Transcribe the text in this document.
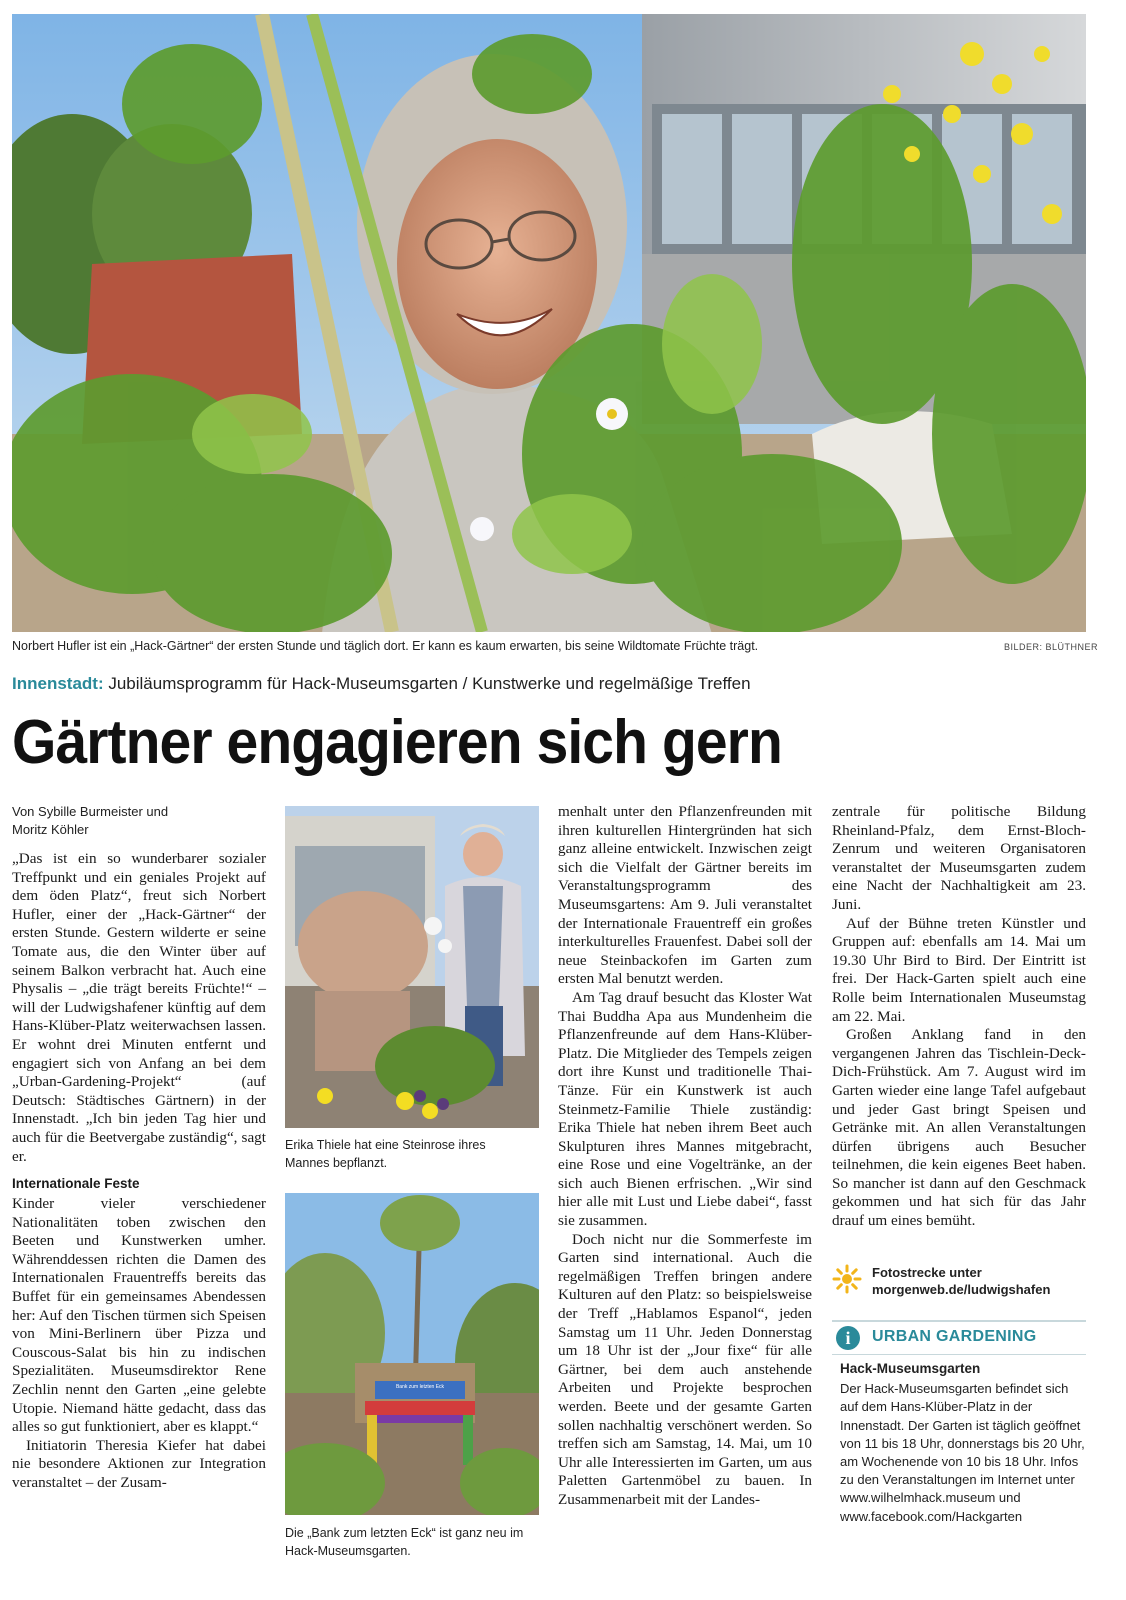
Norbert Hufler ist ein „Hack-Gärtner“ der ersten Stunde und täglich dort. Er kann es kaum erwarten, bis seine Wildtomate Früchte trägt.	BILDER: BLÜTHNER
Innenstadt: Jubiläumsprogramm für Hack-Museumsgarten / Kunstwerke und regelmäßige Treffen
Gärtner engagieren sich gern
Von Sybille Burmeister und
Moritz Köhler

„Das ist ein so wunderbarer sozialer Treffpunkt und ein geniales Projekt auf dem öden Platz“, freut sich Norbert Hufler, einer der „Hack-Gärtner“ der ersten Stunde. Gestern wilderte er seine Tomate aus, die den Winter über auf seinem Balkon verbracht hat. Auch eine Physalis – „die trägt bereits Früchte!“ – will der Ludwigshafener künftig auf dem Hans-Klüber-Platz weiterwachsen lassen. Er wohnt drei Minuten entfernt und engagiert sich von Anfang an bei dem „Urban-Gardening-Projekt“ (auf Deutsch: Städtisches Gärtnern) in der Innenstadt. „Ich bin jeden Tag hier und auch für die Beetvergabe zuständig“, sagt er.

Internationale Feste

Kinder vieler verschiedener Nationalitäten toben zwischen den Beeten und Kunstwerken umher. Währenddessen richten die Damen des Internationalen Frauentreffs bereits das Buffet für ein gemeinsames Abendessen her: Auf den Tischen türmen sich Speisen von Mini-Berlinern über Pizza und Couscous-Salat bis hin zu indischen Spezialitäten. Museumsdirektor Rene Zechlin nennt den Garten „eine gelebte Utopie. Niemand hätte gedacht, dass das alles so gut funktioniert, aber es klappt.“

Initiatorin Theresia Kiefer hat dabei nie besondere Aktionen zur Integration veranstaltet – der Zusam-

Erika Thiele hat eine Steinrose ihres Mannes bepflanzt.
Bank zum letzten Eck
Die „Bank zum letzten Eck“ ist ganz neu im Hack-Museumsgarten.

menhalt unter den Pflanzenfreunden mit ihren kulturellen Hintergründen hat sich ganz alleine entwickelt. Inzwischen zeigt sich die Vielfalt der Gärtner bereits im Veranstaltungsprogramm des Museumsgartens: Am 9. Juli veranstaltet der Internationale Frauentreff ein großes interkulturelles Frauenfest. Dabei soll der neue Steinbackofen im Garten zum ersten Mal benutzt werden.

Am Tag drauf besucht das Kloster Wat Thai Buddha Apa aus Mundenheim die Pflanzenfreunde auf dem Hans-Klüber-Platz. Die Mitglieder des Tempels zeigen dort ihre Kunst und traditionelle Thai-Tänze. Für ein Kunstwerk ist auch Steinmetz-Familie Thiele zuständig: Erika Thiele hat neben ihrem Beet auch Skulpturen ihres Mannes mitgebracht, eine Rose und eine Vogeltränke, an der sich auch Bienen erfrischen. „Wir sind hier alle mit Lust und Liebe dabei“, fasst sie zusammen.

Doch nicht nur die Sommerfeste im Garten sind international. Auch die regelmäßigen Treffen bringen andere Kulturen auf den Platz: so beispielsweise der Treff „Hablamos Espanol“, jeden Samstag um 11 Uhr. Jeden Donnerstag um 18 Uhr ist der „Jour fixe“ für alle Gärtner, bei dem auch anstehende Arbeiten und Projekte besprochen werden. Beete und der gesamte Garten sollen nachhaltig verschönert werden. So treffen sich am Samstag, 14. Mai, um 10 Uhr alle Interessierten im Garten, um aus Paletten Gartenmöbel zu bauen. In Zusammenarbeit mit der Landes-

zentrale für politische Bildung Rheinland-Pfalz, dem Ernst-Bloch-Zenrum und weiteren Organisatoren veranstaltet der Museumsgarten zudem eine Nacht der Nachhaltigkeit am 23. Juni.

Auf der Bühne treten Künstler und Gruppen auf: ebenfalls am 14. Mai um 19.30 Uhr Bird to Bird. Der Eintritt ist frei. Der Hack-Garten spielt auch eine Rolle beim Internationalen Museumstag am 22. Mai.

Großen Anklang fand in den vergangenen Jahren das Tischlein-Deck-Dich-Frühstück. Am 7. August wird im Garten wieder eine lange Tafel aufgebaut und jeder Gast bringt Speisen und Getränke mit. An allen Veranstaltungen dürfen übrigens auch Besucher teilnehmen, die kein eigenes Beet haben. So mancher ist dann auf den Geschmack gekommen und hat sich für das Jahr drauf um eines bemüht.

Fotostrecke unter
morgenweb.de/ludwigshafen
i	URBAN GARDENING
Hack-Museumsgarten
Der Hack-Museumsgarten befindet sich auf dem Hans-Klüber-Platz in der Innenstadt. Der Garten ist täglich geöffnet von 11 bis 18 Uhr, donnerstags bis 20 Uhr, am Wochenende von 10 bis 18 Uhr. Infos zu den Veranstaltungen im Internet unter
www.wilhelmhack.museum und
www.facebook.com/Hackgarten
